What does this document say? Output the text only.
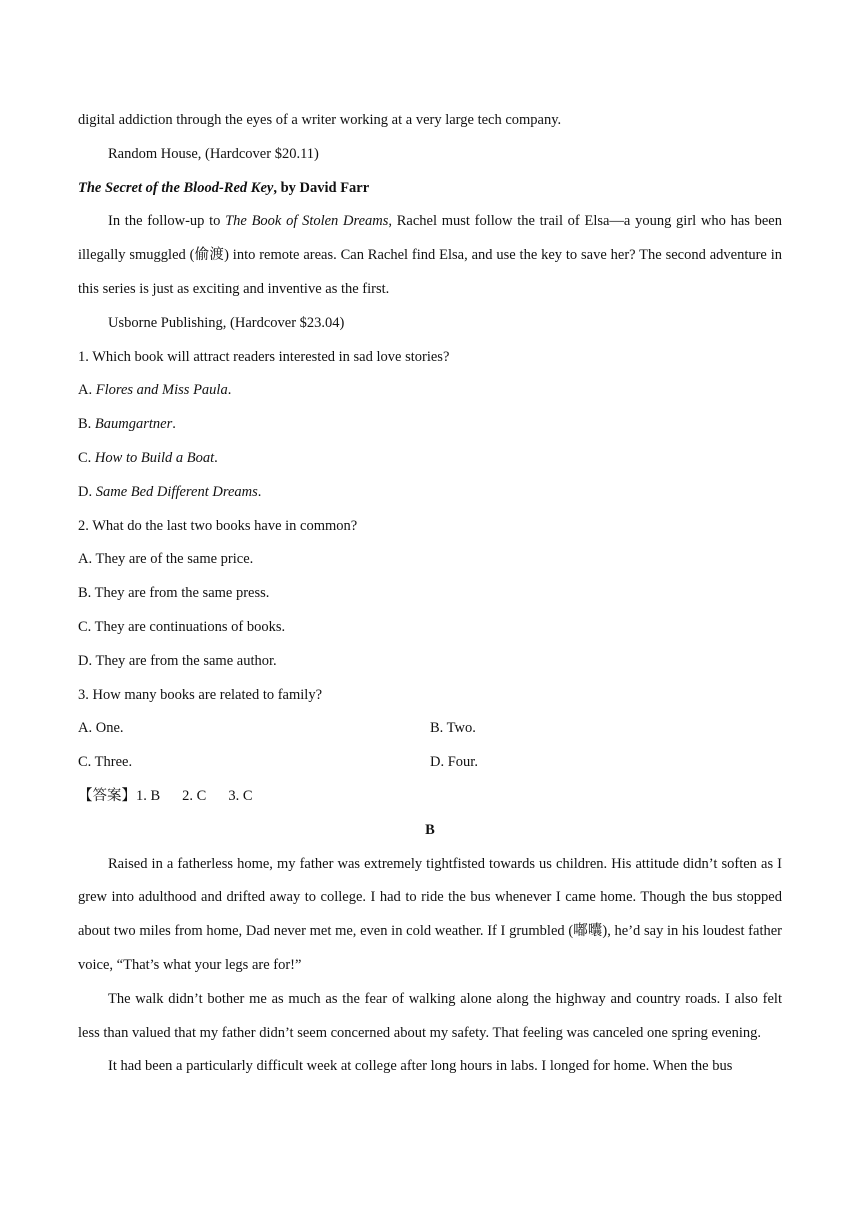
digital addiction through the eyes of a writer working at a very large tech company.
Random House, (Hardcover $20.11)
The Secret of the Blood-Red Key, by David Farr

In the follow-up to The Book of Stolen Dreams, Rachel must follow the trail of Elsa—a young girl who has been illegally smuggled (偷渡) into remote areas. Can Rachel find Elsa, and use the key to save her? The second adventure in this series is just as exciting and inventive as the first.

Usborne Publishing, (Hardcover $23.04)
1. Which book will attract readers interested in sad love stories?
A. Flores and Miss Paula.
B. Baumgartner.
C. How to Build a Boat.
D. Same Bed Different Dreams.
2. What do the last two books have in common?
A. They are of the same price.
B. They are from the same press.
C. They are continuations of books.
D. They are from the same author.
3. How many books are related to family?
A. One.	B. Two.
C. Three.	D. Four.
【答案】1. B 2. C 3. C
B

Raised in a fatherless home, my father was extremely tightfisted towards us children. His attitude didn’t soften as I grew into adulthood and drifted away to college. I had to ride the bus whenever I came home. Though the bus stopped about two miles from home, Dad never met me, even in cold weather. If I grumbled (嘟囔), he’d say in his loudest father voice, “That’s what your legs are for!”

The walk didn’t bother me as much as the fear of walking alone along the highway and country roads. I also felt less than valued that my father didn’t seem concerned about my safety. That feeling was canceled one spring evening.

It had been a particularly difficult week at college after long hours in labs. I longed for home. When the bus
